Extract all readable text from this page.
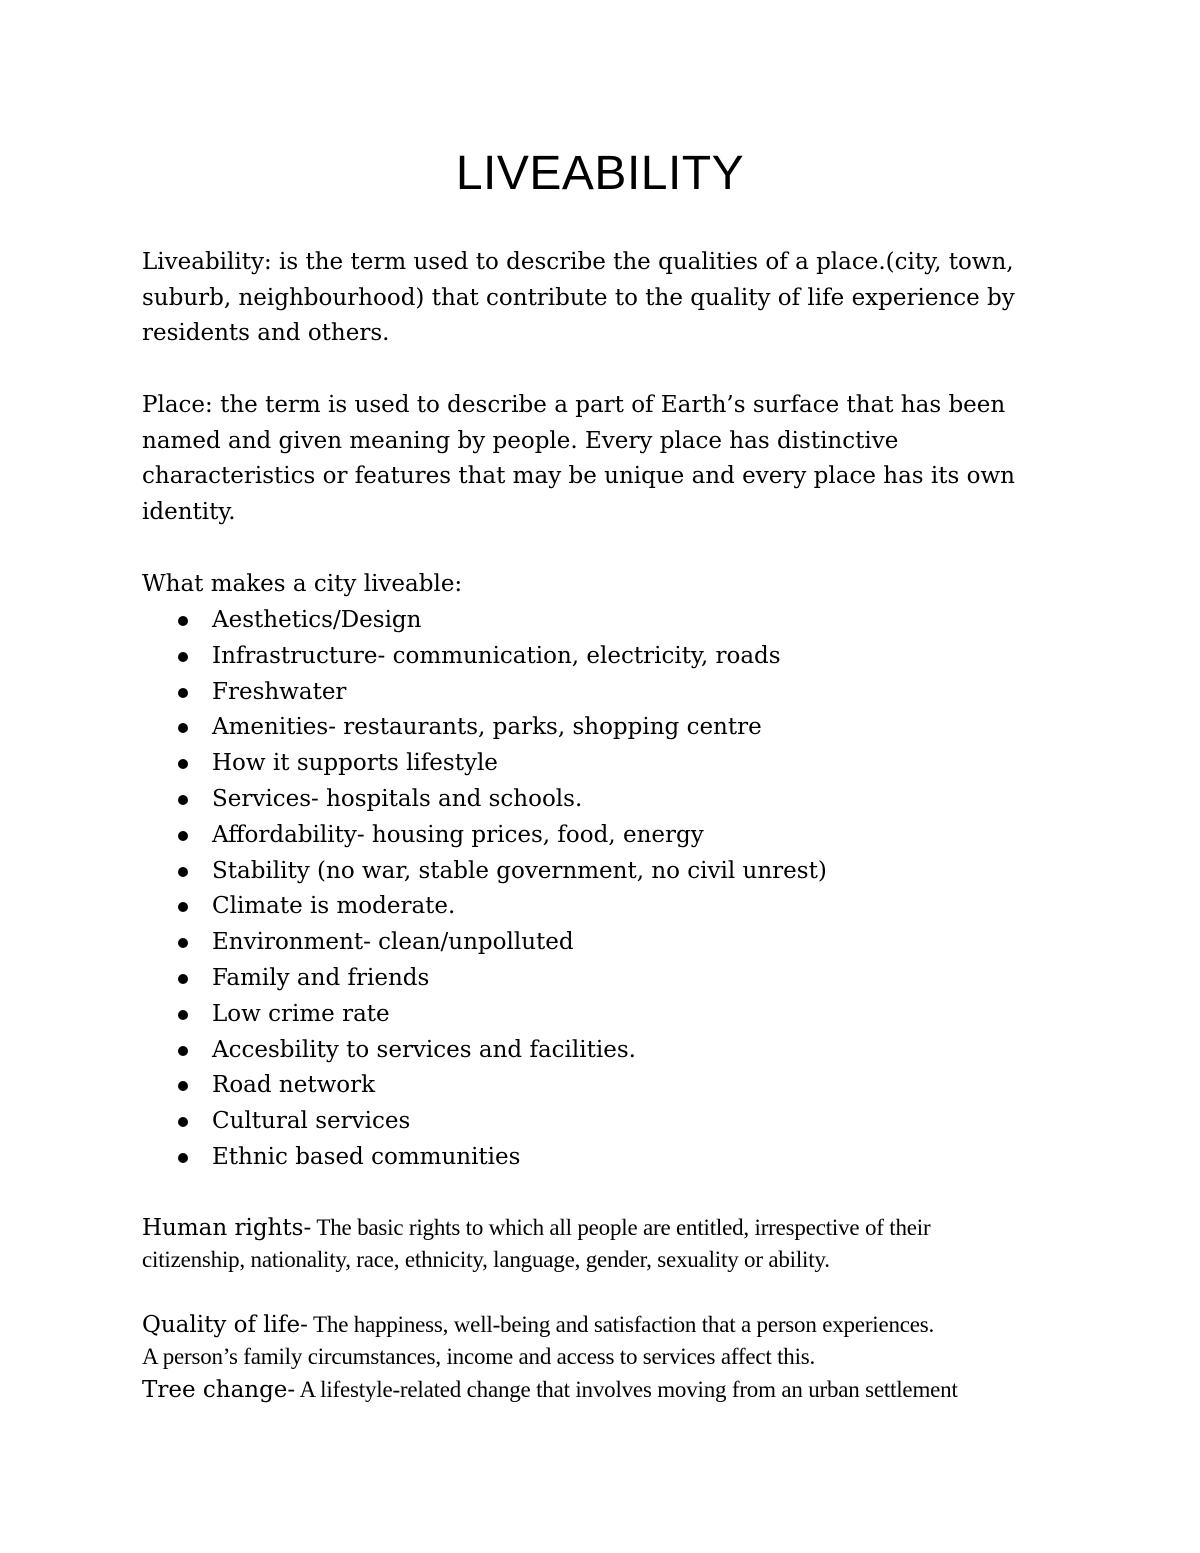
LIVEABILITY

Liveability: is the term used to describe the qualities of a place.(city, town, suburb, neighbourhood) that contribute to the quality of life experience by residents and others.

Place: the term is used to describe a part of Earth’s surface that has been named and given meaning by people. Every place has distinctive characteristics or features that may be unique and every place has its own identity.

What makes a city liveable:

Aesthetics/Design
Infrastructure- communication, electricity, roads
Freshwater
Amenities- restaurants, parks, shopping centre
How it supports lifestyle
Services- hospitals and schools.
Affordability- housing prices, food, energy
Stability (no war, stable government, no civil unrest)
Climate is moderate.
Environment- clean/unpolluted
Family and friends
Low crime rate
Accesbility to services and facilities.
Road network
Cultural services
Ethnic based communities
Human rights- The basic rights to which all people are entitled, irrespective of their
citizenship, nationality, race, ethnicity, language, gender, sexuality or ability.
Quality of life- The happiness, well-being and satisfaction that a person experiences.
A person’s family circumstances, income and access to services affect this.
Tree change- A lifestyle-related change that involves moving from an urban settlement
